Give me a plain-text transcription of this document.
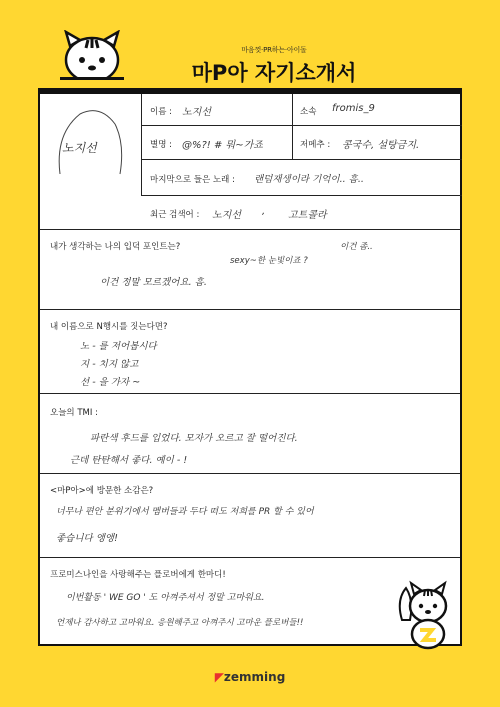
마음껏·PR하는·아이돌
마P아 자기소개서
노지선
이름 : 노지선	소속 fromis_9
별명 : @%?! # 뭐~가죠	저메추 : 콩국수, 설탕금지.
마지막으로 들은 노래 : 랜덤재생이라 기억이.. 흠..
최근 검색어 : 노지선 , 고트콜라
내가 생각하는 나의 입덕 포인트는?
sexy~한 눈빛이죠 ?
이건 좀..
이건 정말 모르겠어요. 흠.
내 이름으로 N행시를 짓는다면?
노 - 를 저어봅시다
지 - 치지 않고
선 - 을 가자 ~
오늘의 TMI :
파란색 후드를 입었다. 모자가 오르고 잘 떨어진다.
근데 탄탄해서 좋다. 예이 - !
<마P아>에 방문한 소감은?
너무나 편안 분위기에서 멤버들과 두다 떠도 저희를 PR 할 수 있어
좋습니다 앵앵!
프로미스나인을 사랑해주는 플로버에게 한마디!
이번활동 ' WE GO ' 도 아껴주셔서 정말 고마워요.
언제나 감사하고 고마워요. 응원해주고 아껴주시 고마운 플로버들!!
◤zemming
